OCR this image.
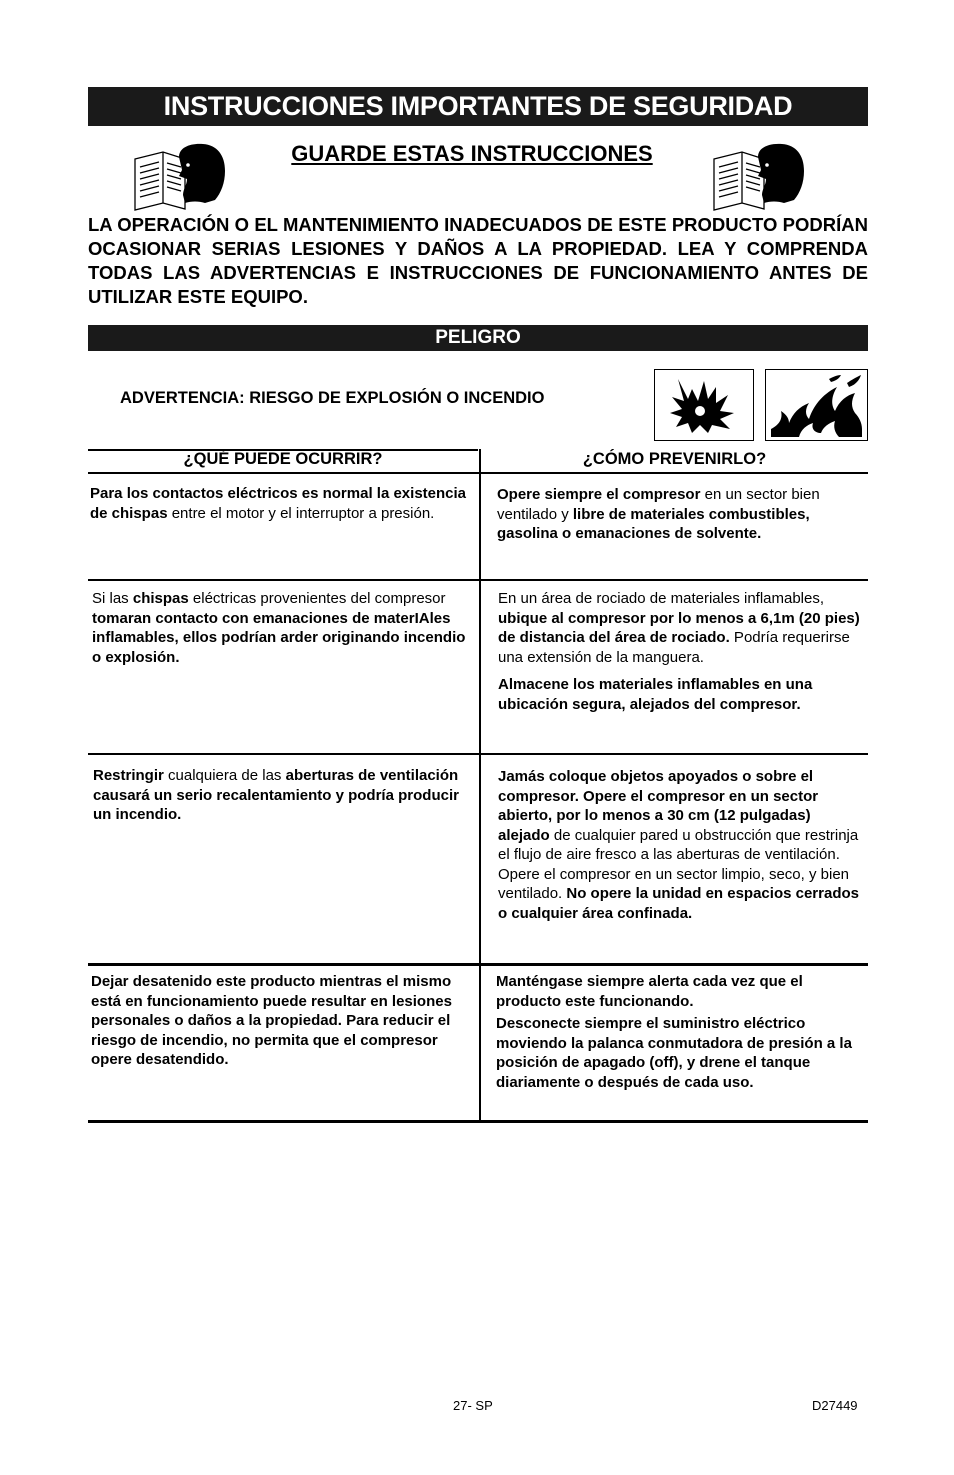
INSTRUCCIONES IMPORTANTES DE SEGURIDAD
GUARDE ESTAS INSTRUCCIONES
LA OPERACIÓN O EL MANTENIMIENTO INADECUADOS DE ESTE PRODUCTO PODRÍAN OCASIONAR SERIAS LESIONES Y DAÑOS A LA PROPIEDAD. LEA Y COMPRENDA TODAS LAS ADVERTENCIAS E INSTRUCCIONES DE FUNCIONAMIENTO ANTES DE UTILIZAR ESTE EQUIPO.
PELIGRO
ADVERTENCIA: RIESGO DE EXPLOSIÓN O INCENDIO
¿QUÉ PUEDE OCURRIR?	¿CÓMO PREVENIRLO?

Para los contactos eléctricos es normal la existencia de chispas entre el motor y el interruptor a presión.

Opere siempre el compresor en un sector bien ventilado y libre de materiales combustibles, gasolina o emanaciones de solvente.

Si las chispas eléctricas provenientes del compresor tomaran contacto con emanaciones de materIAles inflamables, ellos podrían arder originando incendio o explosión.

En un área de rociado de materiales inflamables, ubique al compresor por lo menos a 6,1m (20 pies) de distancia del área de rociado. Podría requerirse una extensión de la manguera.

Almacene los materiales inflamables en una ubicación segura, alejados del compresor.

Restringir cualquiera de las aberturas de ventilación causará un serio recalentamiento y podría producir un incendio.

Jamás coloque objetos apoyados o sobre el compresor. Opere el compresor en un sector abierto, por lo menos a 30 cm (12 pulgadas) alejado de cualquier pared u obstrucción que restrinja el flujo de aire fresco a las aberturas de ventilación.
Opere el compresor en un sector limpio, seco, y bien ventilado. No opere la unidad en espacios cerrados o cualquier área confinada.

Dejar desatenido este producto mientras el mismo está en funcionamiento puede resultar en lesiones personales o daños a la propiedad. Para reducir el riesgo de incendio, no permita que el compresor opere desatendido.

Manténgase siempre alerta cada vez que el producto este funcionando.

Desconecte siempre el suministro eléctrico moviendo la palanca conmutadora de presión a la posición de apagado (off), y drene el tanque diariamente o después de cada uso.

27- SP	D27449
